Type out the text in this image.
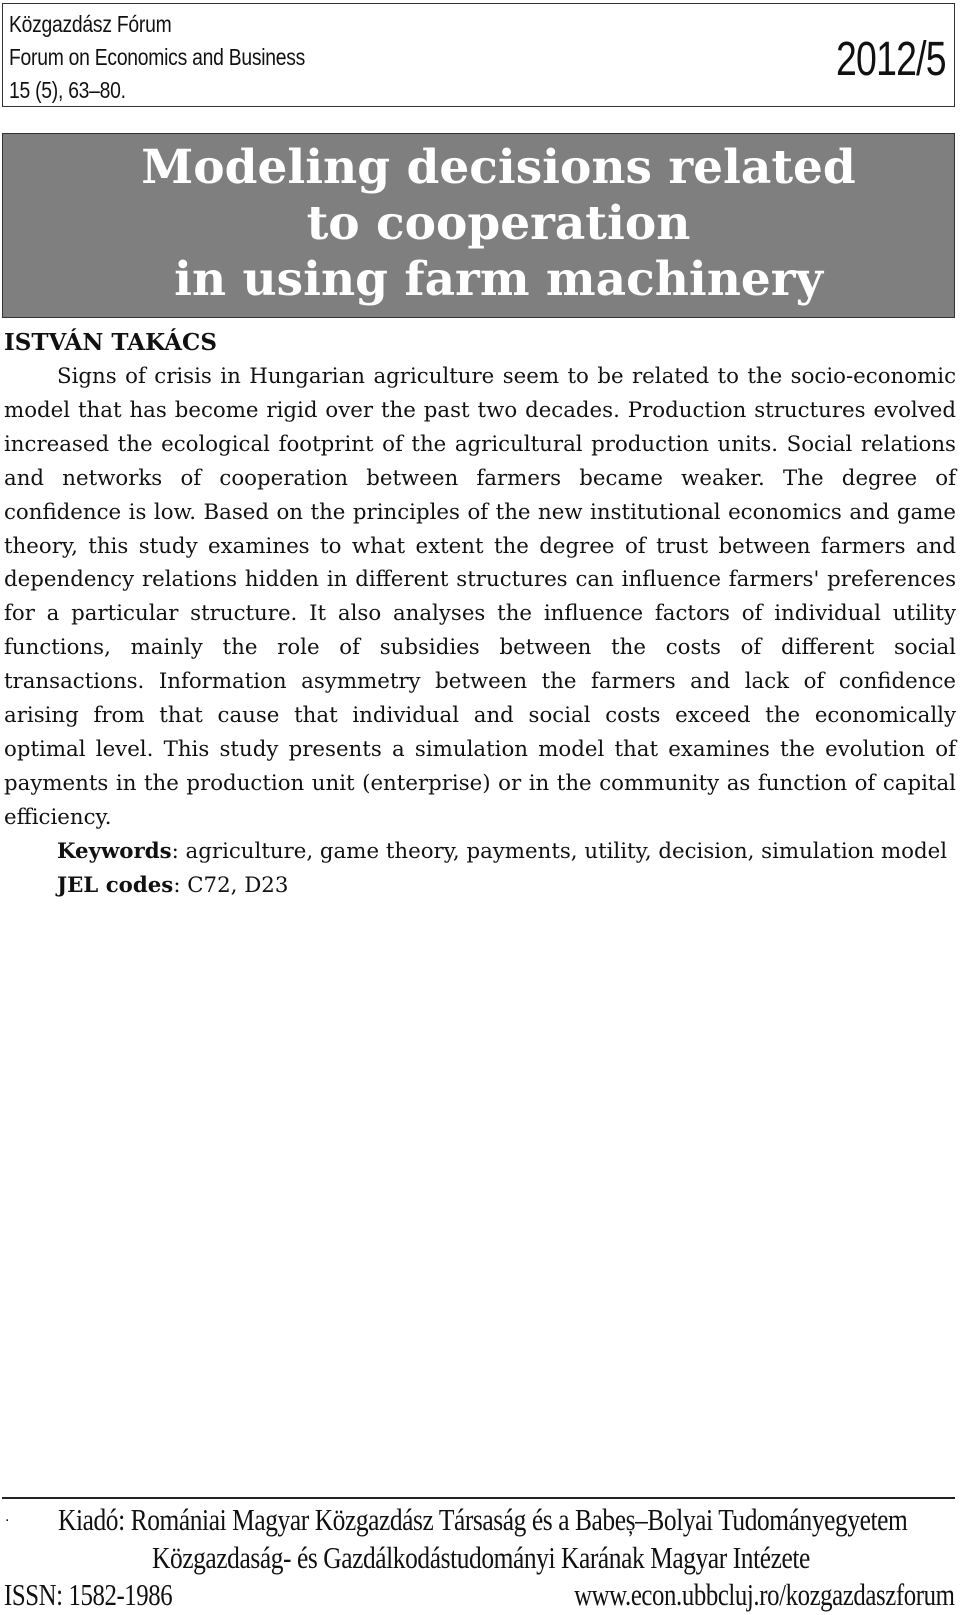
Közgazdász Fórum
Forum on Economics and Business
15 (5), 63–80.
2012/5
Modeling decisions related
to cooperation
in using farm machinery
ISTVÁN TAKÁCS

Signs of crisis in Hungarian agriculture seem to be related to the socio-economic model that has become rigid over the past two decades. Production structures evolved increased the ecological footprint of the agricultural production units. Social relations and networks of cooperation between farmers became weaker. The degree of confidence is low. Based on the principles of the new institutional economics and game theory, this study examines to what extent the degree of trust between farmers and dependency relations hidden in different structures can influence farmers' preferences for a particular structure. It also analyses the influence factors of individual utility functions, mainly the role of subsidies between the costs of different social transactions. Information asymmetry between the farmers and lack of confidence arising from that cause that individual and social costs exceed the economically optimal level. This study presents a simulation model that examines the evolution of payments in the production unit (enterprise) or in the community as function of capital efficiency.

Keywords: agriculture, game theory, payments, utility, decision, simulation model

JEL codes: C72, D23
. Kiadó: Romániai Magyar Közgazdász Társaság és a Babeș–Bolyai Tudományegyetem
Közgazdaság- és Gazdálkodástudományi Karának Magyar Intézete
ISSN: 1582-1986	www.econ.ubbcluj.ro/kozgazdaszforum
